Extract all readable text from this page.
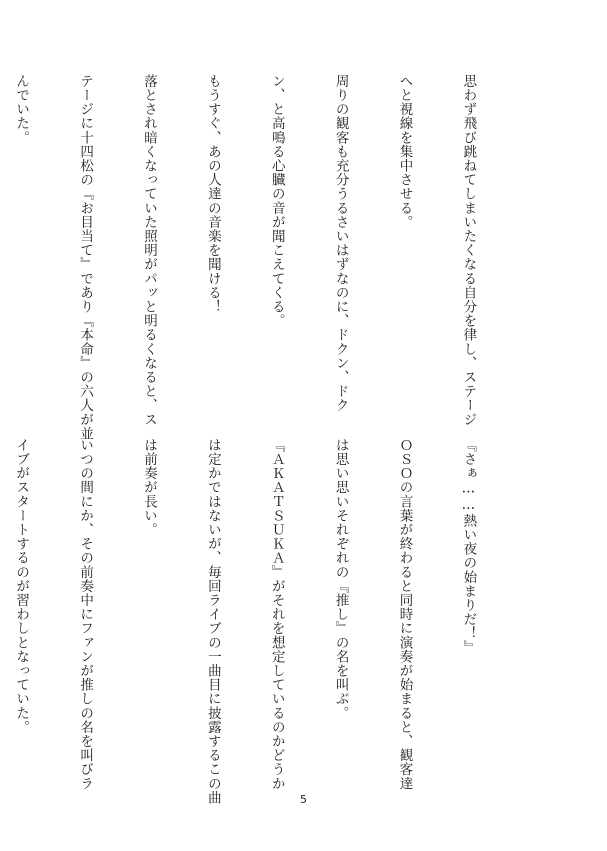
思わず飛び跳ねてしまいたくなる自分を律し、ステージ

へと視線を集中させる。

周りの観客も充分うるさいはずなのに、ドクン、ドク

ン、と高鳴る心臓の音が聞こえてくる。

もうすぐ、あの人達の音楽を聞ける！

落とされ暗くなっていた照明がパッと明るくなると、ス

テージに十四松の『お目当て』であり『本命』の六人が並

んでいた。

『さぁ……熱い夜の始まりだ！』

ＯＳＯの言葉が終わると同時に演奏が始まると、観客達

は思い思いそれぞれの『推し』の名を叫ぶ。

『ＡＫＡＴＳＵＫＡ』がそれを想定しているのかどうか

は定かではないが、毎回ライブの一曲目に披露するこの曲

は前奏が長い。

いつの間にか、その前奏中にファンが推しの名を叫びラ

イブがスタートするのが習わしとなっていた。

5
